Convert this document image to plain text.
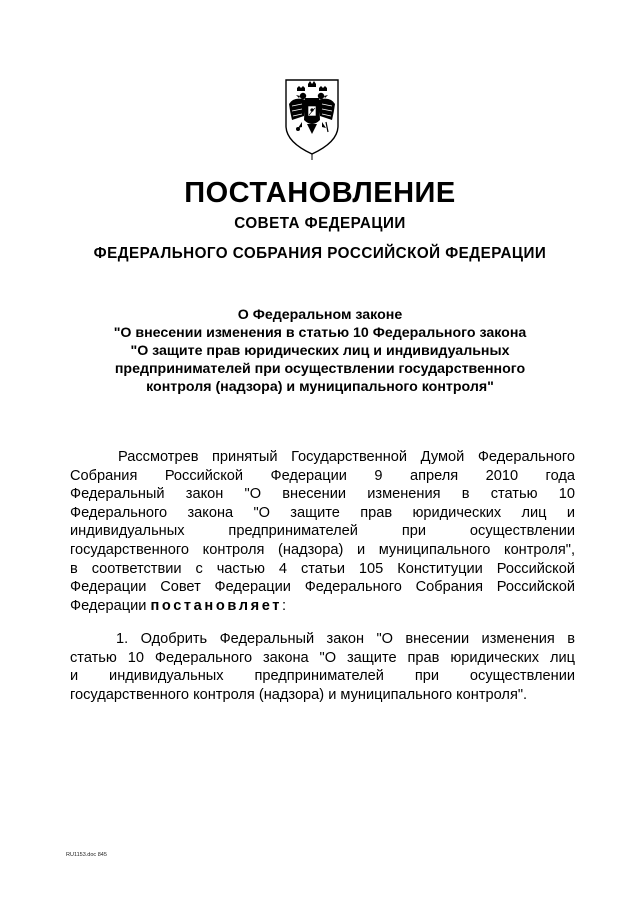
ПОСТАНОВЛЕНИЕ
СОВЕТА ФЕДЕРАЦИИ
ФЕДЕРАЛЬНОГО СОБРАНИЯ РОССИЙСКОЙ ФЕДЕРАЦИИ
О Федеральном законе
"О внесении изменения в статью 10 Федерального закона
"О защите прав юридических лиц и индивидуальных
предпринимателей при осуществлении государственного
контроля (надзора) и муниципального контроля"
Рассмотрев принятый Государственной Думой Федерального
Собрания Российской Федерации 9 апреля 2010 года
Федеральный закон "О внесении изменения в статью 10
Федерального закона "О защите прав юридических лиц и
индивидуальных предпринимателей при осуществлении
государственного контроля (надзора) и муниципального контроля",
в соответствии с частью 4 статьи 105 Конституции Российской
Федерации Совет Федерации Федерального Собрания Российской
Федерации постановляет:
1. Одобрить Федеральный закон "О внесении изменения в
статью 10 Федерального закона "О защите прав юридических лиц
и индивидуальных предпринимателей при осуществлении
государственного контроля (надзора) и муниципального контроля".
RU1153.doc 845
